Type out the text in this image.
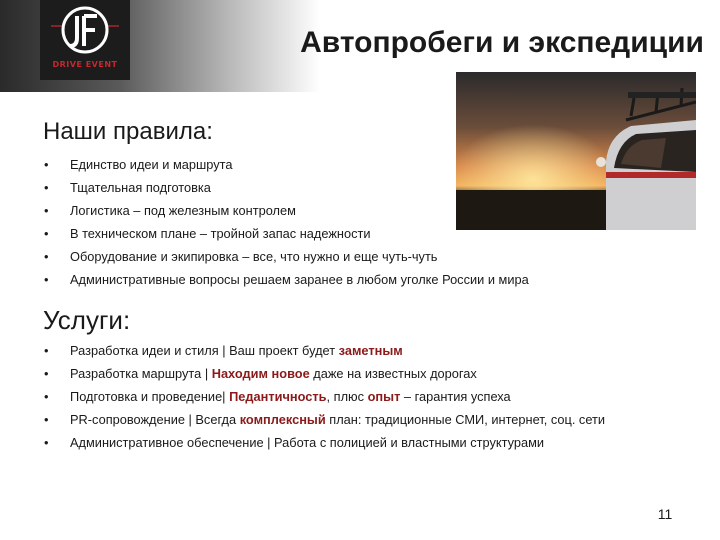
DRIVE EVENT
Автопробеги и экспедиции
Наши правила:
• Единство идеи и маршрута
• Тщательная подготовка
• Логистика – под железным контролем
• В техническом плане – тройной запас надежности
• Оборудование и экипировка – все, что нужно и еще чуть-чуть
• Административные вопросы решаем заранее в любом уголке России и мира
Услуги:
• Разработка идеи и стиля | Ваш проект будет заметным
• Разработка маршрута | Находим новое даже на известных дорогах
• Подготовка и проведение| Педантичность, плюс опыт – гарантия успеха
• PR-сопровождение | Всегда комплексный план: традиционные СМИ, интернет, соц. сети
• Административное обеспечение | Работа с полицией и властными структурами
11
